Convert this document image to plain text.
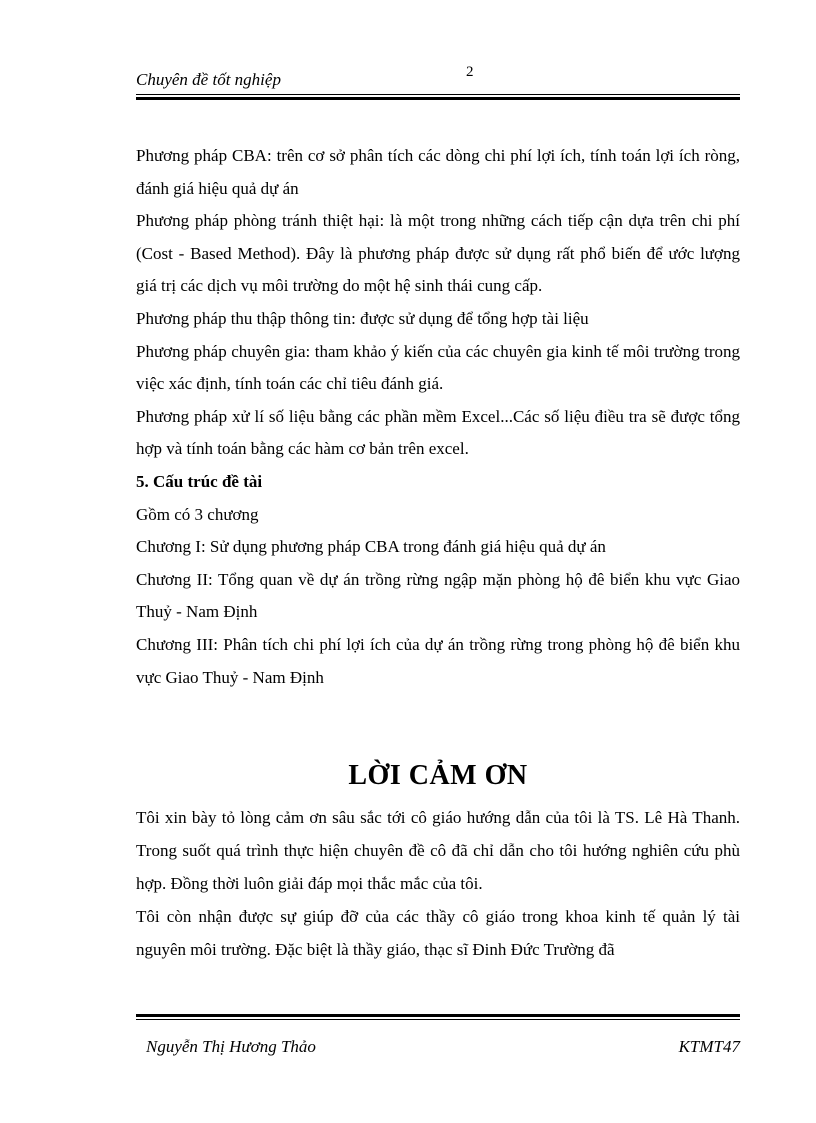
Chuyên đề tốt nghiệp	2

Phương pháp CBA: trên cơ sở phân tích các dòng chi phí lợi ích, tính toán lợi ích ròng, đánh giá hiệu quả dự án

Phương pháp phòng tránh thiệt hại: là một trong những cách tiếp cận dựa trên chi phí (Cost - Based Method). Đây là phương pháp được sử dụng rất phổ biến để ước lượng giá trị các dịch vụ môi trường do một hệ sinh thái cung cấp.

Phương pháp thu thập thông tin: được sử dụng để tổng hợp tài liệu

Phương pháp chuyên gia: tham khảo ý kiến của các chuyên gia kinh tế môi trường trong việc xác định, tính toán các chỉ tiêu đánh giá.

Phương pháp xử lí số liệu bằng các phần mềm Excel...Các số liệu điều tra sẽ được tổng hợp và tính toán bằng các hàm cơ bản trên excel.

5. Cấu trúc đề tài

Gồm có 3 chương

Chương I: Sử dụng phương pháp CBA trong đánh giá hiệu quả dự án

Chương II: Tổng quan về dự án trồng rừng ngập mặn phòng hộ đê biển khu vực Giao Thuỷ - Nam Định

Chương III: Phân tích chi phí lợi ích của dự án trồng rừng trong phòng hộ đê biển khu vực Giao Thuỷ - Nam Định

LỜI CẢM ƠN

Tôi xin bày tỏ lòng cảm ơn sâu sắc tới cô giáo hướng dẫn của tôi là TS. Lê Hà Thanh. Trong suốt quá trình thực hiện chuyên đề cô đã chỉ dẫn cho tôi hướng nghiên cứu phù hợp. Đồng thời luôn giải đáp mọi thắc mắc của tôi.

Tôi còn nhận được sự giúp đỡ của các thầy cô giáo trong khoa kinh tế quản lý tài nguyên môi trường. Đặc biệt là thầy giáo, thạc sĩ Đinh Đức Trường đã

Nguyễn Thị Hương Thảo	KTMT47
